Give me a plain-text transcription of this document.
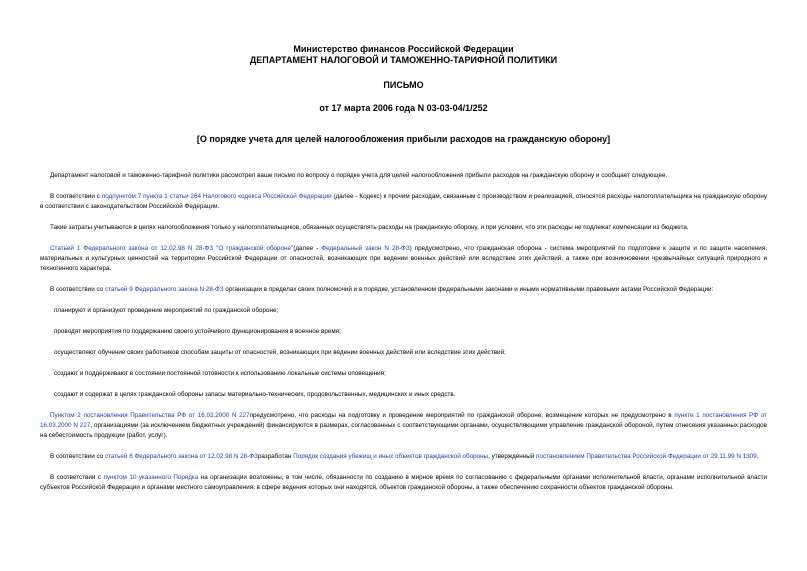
Министерство финансов Российской Федерации
ДЕПАРТАМЕНТ НАЛОГОВОЙ И ТАМОЖЕННО-ТАРИФНОЙ ПОЛИТИКИ
ПИСЬМО
от 17 марта 2006 года N 03-03-04/1/252
[О порядке учета для целей налогообложения прибыли расходов на гражданскую оборону]

Департамент налоговой и таможенно-тарифной политики рассмотрел ваше письмо по вопросу о порядке учета для целей налогообложения прибыли расходов на гражданскую оборону и сообщает следующее.

В соответствии с подпунктом 7 пункта 1 статьи 264 Налогового кодекса Российской Федерации (далее - Кодекс) к прочим расходам, связанным с производством и реализацией, относятся расходы налогоплательщика на гражданскую оборону в соответствии с законодательством Российской Федерации.

Такие затраты учитываются в целях налогообложения только у налогоплательщиков, обязанных осуществлять расходы на гражданскую оборону, и при условии, что эти расходы не подлежат компенсации из бюджета.

Статьей 1 Федерального закона от 12.02.98 N 28-ФЗ "О гражданской обороне"(далее - Федеральный закон N 28-ФЗ) предусмотрено, что гражданская оборона - система мероприятий по подготовке к защите и по защите населения, материальных и культурных ценностей на территории Российской Федерации от опасностей, возникающих при ведении военных действий или вследствие этих действий, а также при возникновении чрезвычайных ситуаций природного и техногенного характера.

В соответствии со статьей 9 Федерального закона N 28-ФЗ организации в пределах своих полномочий и в порядке, установленном федеральными законами и иными нормативными правовыми актами Российской Федерации:

планируют и организуют проведение мероприятий по гражданской обороне;

проводят мероприятия по поддержанию своего устойчивого функционирования в военное время;

осуществляют обучение своих работников способам защиты от опасностей, возникающих при ведении военных действий или вследствие этих действий;

создают и поддерживают в состоянии постоянной готовности к использованию локальные системы оповещения;

создают и содержат в целях гражданской обороны запасы материально-технических, продовольственных, медицинских и иных средств.

Пунктом 2 постановления Правительства РФ от 16.03.2000 N 227предусмотрено, что расходы на подготовку и проведение мероприятий по гражданской обороне, возмещение которых не предусмотрено в пункте 1 постановления РФ от 16.03.2000 N 227, организациями (за исключением бюджетных учреждений) финансируются в размерах, согласованных с соответствующими органами, осуществляющими управление гражданской обороной, путем отнесения указанных расходов на себестоимость продукции (работ, услуг).

В соответствии со статьей 6 Федерального закона от 12.02.98 N 28-ФЗразработан Порядок создания убежищ и иных объектов гражданской обороны, утвержденный постановлением Правительства Российской Федерации от 29.11.99 N 1309.

В соответствии с пунктом 10 указанного Порядка на организации возложены, в том числе, обязанности по созданию в мирное время по согласованию с федеральными органами исполнительной власти, органами исполнительной власти субъектов Российской Федерации и органами местного самоуправления, в сфере ведения которых они находятся, объектов гражданской обороны, а также обеспечению сохранности объектов гражданской обороны.
